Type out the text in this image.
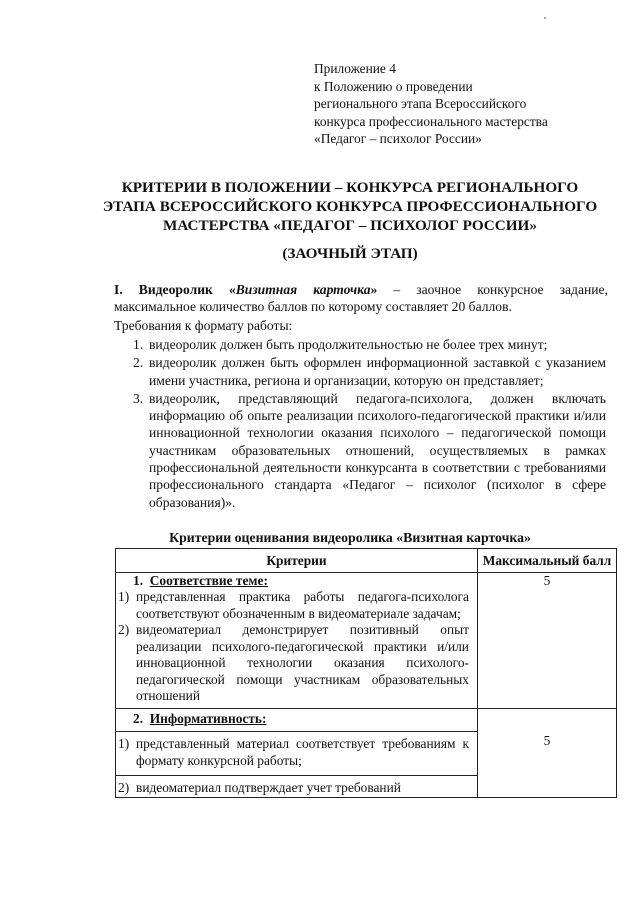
Приложение 4
к Положению о проведении
регионального этапа Всероссийского
конкурса профессионального мастерства
«Педагог – психолог России»
КРИТЕРИИ В ПОЛОЖЕНИИ – КОНКУРСА РЕГИОНАЛЬНОГО
ЭТАПА ВСЕРОССИЙСКОГО КОНКУРСА ПРОФЕССИОНАЛЬНОГО
МАСТЕРСТВА «ПЕДАГОГ – ПСИХОЛОГ РОССИИ»
(ЗАОЧНЫЙ ЭТАП)
I. Видеоролик «Визитная карточка» – заочное конкурсное задание,
максимальное количество баллов по которому составляет 20 баллов.
Требования к формату работы:
1. видеоролик должен быть продолжительностью не более трех минут;
2. видеоролик должен быть оформлен информационной заставкой с указанием имени участника, региона и организации, которую он представляет;
3. видеоролик, представляющий педагога-психолога, должен включать информацию об опыте реализации психолого-педагогической практики и/или инновационной технологии оказания психолого – педагогической помощи участникам образовательных отношений, осуществляемых в рамках профессиональной деятельности конкурсанта в соответствии с требованиями профессионального стандарта «Педагог – психолог (психолог в сфере образования)».
Критерии оценивания видеоролика «Визитная карточка»
Критерии	Максимальный балл

1. Соответствие теме:
1) представленная практика работы педагога-психолога соответствуют обозначенным в видеоматериале задачам;
2) видеоматериал демонстрирует позитивный опыт реализации психолого-педагогической практики и/или инновационной технологии оказания психолого-педагогической помощи участникам образовательных отношений	5

2. Информативность:
1) представленный материал соответствует требованиям к формату конкурсной работы;
2) видеоматериал подтверждает учет требований	5
